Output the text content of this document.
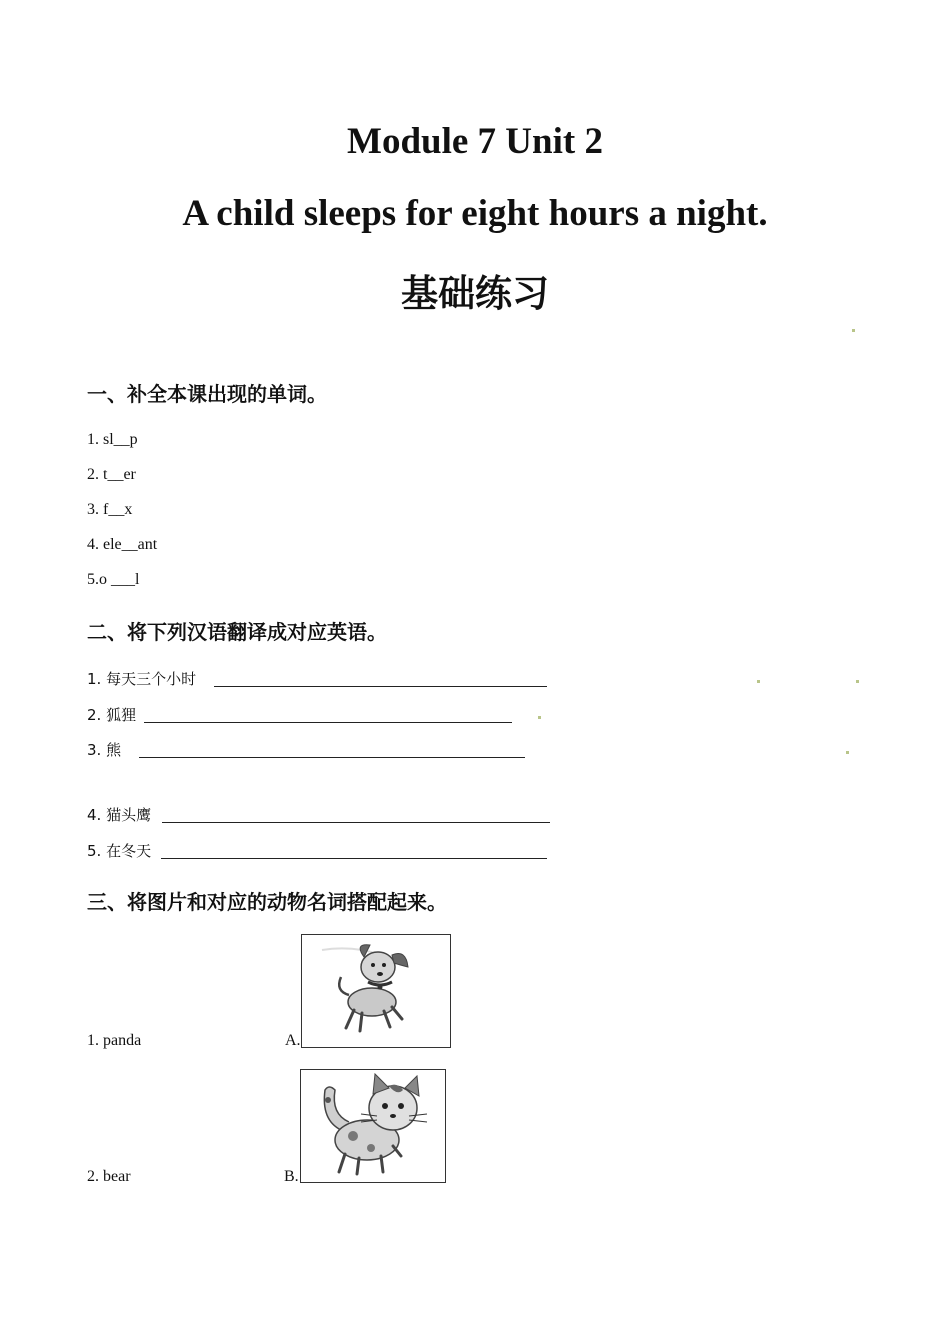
Module 7 Unit 2
A child sleeps for eight hours a night.
基础练习
一、补全本课出现的单词。
1. sl__p
2. t__er
3. f__x
4. ele__ant
5.o ___l
二、将下列汉语翻译成对应英语。
1. 每天三个小时
2. 狐狸
3. 熊
4. 猫头鹰
5. 在冬天
三、将图片和对应的动物名词搭配起来。
1. panda	A.
2. bear	B.
